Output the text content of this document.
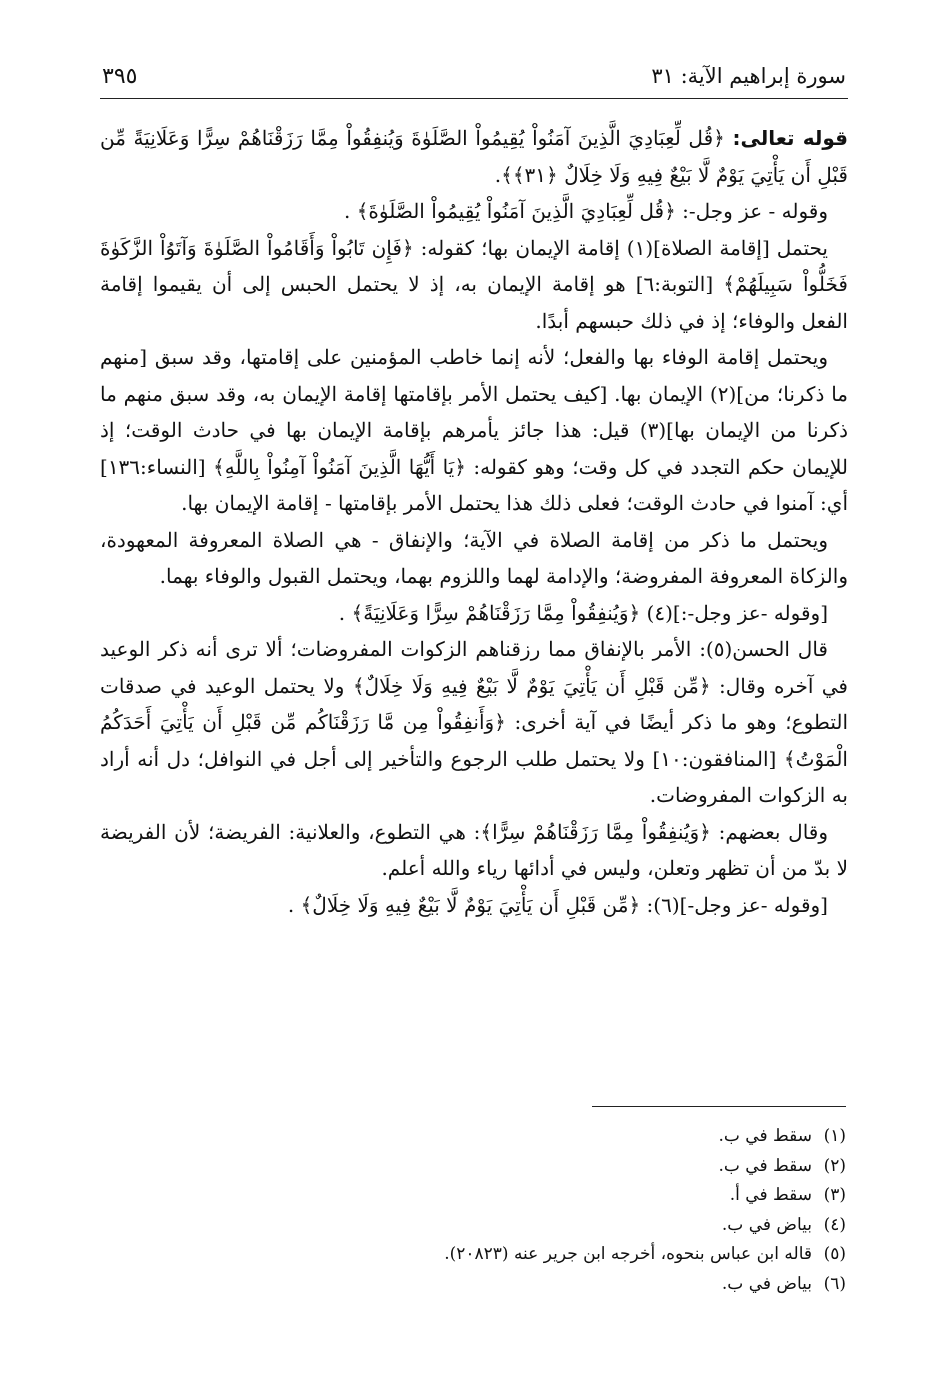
سورة إبراهيم الآية: ٣١
٣٩٥

قوله تعالى: ﴿قُل لِّعِبَادِيَ الَّذِينَ آمَنُواْ يُقِيمُواْ الصَّلَوٰةَ وَيُنفِقُواْ مِمَّا رَزَقْنَاهُمْ سِرًّا وَعَلَانِيَةً مِّن قَبْلِ أَن يَأْتِيَ يَوْمٌ لَّا بَيْعٌ فِيهِ وَلَا خِلَالٌ ﴿٣١﴾﴾.

 وقوله - عز وجل-: ﴿قُل لِّعِبَادِيَ الَّذِينَ آمَنُواْ يُقِيمُواْ الصَّلَوٰةَ﴾ .

 يحتمل [إقامة الصلاة](١) إقامة الإيمان بها؛ كقوله: ﴿فَإِن تَابُواْ وَأَقَامُواْ الصَّلَوٰةَ وَآتَوُاْ الزَّكَوٰةَ فَخَلُّواْ سَبِيلَهُمْ﴾ [التوبة:٦] هو إقامة الإيمان به، إذ لا يحتمل الحبس إلى أن يقيموا إقامة الفعل والوفاء؛ إذ في ذلك حبسهم أبدًا.

 ويحتمل إقامة الوفاء بها والفعل؛ لأنه إنما خاطب المؤمنين على إقامتها، وقد سبق [منهم ما ذكرنا؛ من](٢) الإيمان بها. [كيف يحتمل الأمر بإقامتها إقامة الإيمان به، وقد سبق منهم ما ذكرنا من الإيمان بها](٣) قيل: هذا جائز يأمرهم بإقامة الإيمان بها في حادث الوقت؛ إذ للإيمان حكم التجدد في كل وقت؛ وهو كقوله: ﴿يَا أَيُّهَا الَّذِينَ آمَنُواْ آمِنُواْ بِاللَّهِ﴾ [النساء:١٣٦] أي: آمنوا في حادث الوقت؛ فعلى ذلك هذا يحتمل الأمر بإقامتها - إقامة الإيمان بها.

 ويحتمل ما ذكر من إقامة الصلاة في الآية؛ والإنفاق - هي الصلاة المعروفة المعهودة، والزكاة المعروفة المفروضة؛ والإدامة لهما واللزوم بهما، ويحتمل القبول والوفاء بهما.

 [وقوله -عز وجل-:](٤) ﴿وَيُنفِقُواْ مِمَّا رَزَقْنَاهُمْ سِرًّا وَعَلَانِيَةً﴾ .

 قال الحسن(٥): الأمر بالإنفاق مما رزقناهم الزكوات المفروضات؛ ألا ترى أنه ذكر الوعيد في آخره وقال: ﴿مِّن قَبْلِ أَن يَأْتِيَ يَوْمٌ لَّا بَيْعٌ فِيهِ وَلَا خِلَالٌ﴾ ولا يحتمل الوعيد في صدقات التطوع؛ وهو ما ذكر أيضًا في آية أخرى: ﴿وَأَنفِقُواْ مِن مَّا رَزَقْنَاكُم مِّن قَبْلِ أَن يَأْتِيَ أَحَدَكُمُ الْمَوْتُ﴾ [المنافقون:١٠] ولا يحتمل طلب الرجوع والتأخير إلى أجل في النوافل؛ دل أنه أراد به الزكوات المفروضات.

 وقال بعضهم: ﴿وَيُنفِقُواْ مِمَّا رَزَقْنَاهُمْ سِرًّا﴾: هي التطوع، والعلانية: الفريضة؛ لأن الفريضة لا بدّ من أن تظهر وتعلن، وليس في أدائها رياء والله أعلم.

 [وقوله -عز وجل-](٦): ﴿مِّن قَبْلِ أَن يَأْتِيَ يَوْمٌ لَّا بَيْعٌ فِيهِ وَلَا خِلَالٌ﴾ .

(١)سقط في ب.
(٢)سقط في ب.
(٣)سقط في أ.
(٤)بياض في ب.
(٥)قاله ابن عباس بنحوه، أخرجه ابن جرير عنه (٢٠٨٢٣).
(٦)بياض في ب.
